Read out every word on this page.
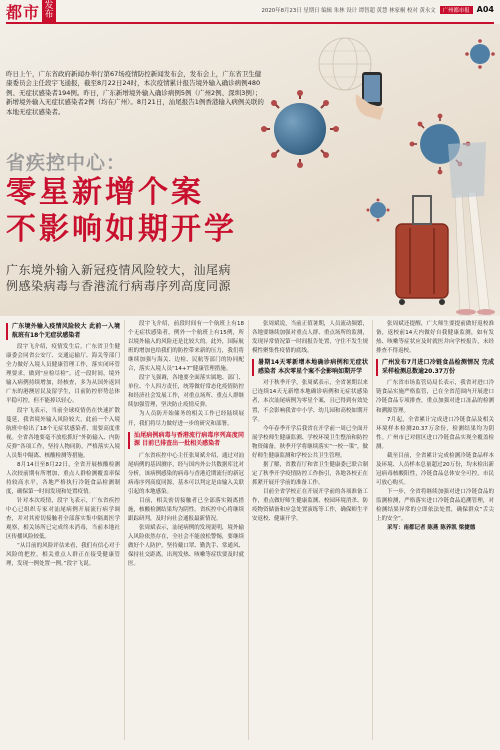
都市 发布	2020年8月23日 星期日 编辑 朱林 设计 谭智超 黄慧 林家桐 校对 黄永文	广州都市报 A04
昨日上午，广东省政府新闻办举行第67场疫情防控新闻发布会，发布会上，广东省卫生健康委员会主任段宇飞通报，截至8月22日24时，本次疫情累计报告境外输入确诊病例480例、无症状感染者194例。昨日，广东新增境外输入确诊病例5例（广州2例、深圳3例）；新增境外输入无症状感染者2例（均在广州）。8月21日，汕尾报告1例香港输入病例关联的本地无症状感染者。
省疾控中心：
零星新增个案
不影响如期开学
广东境外输入新冠疫情风险较大，汕尾病
例感染病毒与香港流行病毒序列高度同源
广东境外输入疫情风险较大 此前一入境航班有18个无症状感染者

段宇飞介绍，疫情发生后，广东省卫生健康委会同省公安厅、交通运输厅、海关等部门全力做好入境人员健康管理工作，落实闭环管理要求，做到“应检尽检”。近一段时间，境外输入病例持续增加，经核查，多为从国外返回广东的港澳居民及留学生，目前防控形势总体平稳可控，但不能掉以轻心。

段宇飞表示，当前全球疫情仍在快速扩散蔓延，我省境外输入风险较大，此前一个入境航班中检出了18个无症状感染者，需要高度重视。全省各地要毫不放松抓好“外防输入、内防反弹”各项工作，坚持人物同防，严格落实入境人员集中隔离、核酸检测等措施。

8月14日至8月22日，全省开展核酸检测人次较前期有所增加，重点人群检测覆盖率保持较高水平，各地严格执行冷链食品检测制度，确保第一时间发现和处置疫情。

针对本次疫情，段宇飞表示，广东省疾控中心已组织专家对汕尾病例开展流行病学调查，并对其密切接触者全部落实集中隔离医学观察，相关场所已完成终末消毒，当前本地社区传播风险较低。

“从目前的风险评估来看，我们有信心对于风险的把控，相关重点人群正在接受健康管理，发现一例处置一例。”段宇飞说。

段宇飞介绍，前段时间有一个航班上有18个无症状感染者，例外一个航班上有15例，所以境外输入的风险还是比较大的。此外，国际航班的增加也给我们的防控带来新的压力，我们将继续加强与海关、边检、民航等部门的协同配合，落实入境人员“14+7”健康管理措施。

段宇飞强调，各地要全面落实属地、部门、单位、个人四方责任，统筹做好常态化疫情防控和经济社会发展工作，对重点场所、重点人群继续加强管理，坚决防止疫情反弹。

为人员防开始储务的相关工作已经陆续展开，我们将尽力做好进一步的研究和部署。

汕尾病例病毒与香港流行病毒序列高度同源 目前已排查出一批相关感染者

广东省疾控中心主任张周斌介绍，通过对汕尾病例的基因测序，经与国内外公共数据库比对分析，该病例感染的病毒与香港近期流行的新冠病毒序列高度同源，基本可以判定是由输入关联引起的本地感染。

目前，相关密切接触者已全部落实隔离措施，核酸检测结果均为阴性。省疾控中心将继续跟踪研判，及时向社会通报最新情况。

张周斌表示，汕尾病例的发现说明，境外输入风险依然存在，全社会不能放松警惕，要继续做好个人防护，坚持戴口罩、勤洗手、常通风、保持社交距离，出现发热、咳嗽等症状要及时就医。

张周斌说，当前正值暑期，人员流动频繁，各地要继续加强对重点人群、重点场所的监测，发现异常情况第一时间报告处置，守住不发生规模性聚集性疫情的底线。

暑期14天零新增本地确诊病例和无症状感染者 本次零星个案不会影响如期开学

对于秋季开学，张周斌表示，全省暑期以来已连续14天无新增本地确诊病例和无症状感染者，本次汕尾病例为零星个案，且已得到有效处置，不会影响我省中小学、幼儿园和高校如期开学。

今年春季开学后我省在开学前一周已全面开展学校师生健康监测、学校环境卫生整治和防控物资储备，秋季开学将继续落实“一校一策”，做好师生健康监测和学校公共卫生管理。

据了解，省教育厅和省卫生健康委已联合制定了秋季开学疫情防控工作指引，各地各校正在抓紧开展开学前的准备工作。

目前全省学校正在开展开学前的各项准备工作，重点做好师生健康监测、校园环境消杀、防疫物资储备和应急处置演练等工作，确保师生平安返校、健康开学。

张周斌还提醒，广大师生要提前做好返校准备，返校前14天内做好自我健康监测，如有发热、咳嗽等症状应及时就医并向学校报告，未经排查不得返校。

广州发布7月进口冷链食品检测情况 完成采样检测总数逾20.37万份

广东省市场监管局局长表示，我省对进口冷链食品实施严格监管，已在全省范围内开展进口冷链食品专项排查，重点加强对进口冻品的检测和溯源管理。

7月起，全省累计完成进口冷链食品及相关环境样本检测20.37万余份，检测结果均为阴性。广州市已对辖区进口冷链食品实现全覆盖检测。

截至目前，全省累计完成检测冷链食品样本及环境、人员样本总量超过20万份，均未检出新冠病毒核酸阳性，冷链食品总体安全可控，市民可放心购买。

下一步，全省将继续加强对进口冷链食品的监测检测，严格落实进口冷链食品追溯管理，对检测结果异常的立即依法处置，确保群众“舌尖上的安全”。

采写：南都记者 陈燕 陈养凯 梁捷德
